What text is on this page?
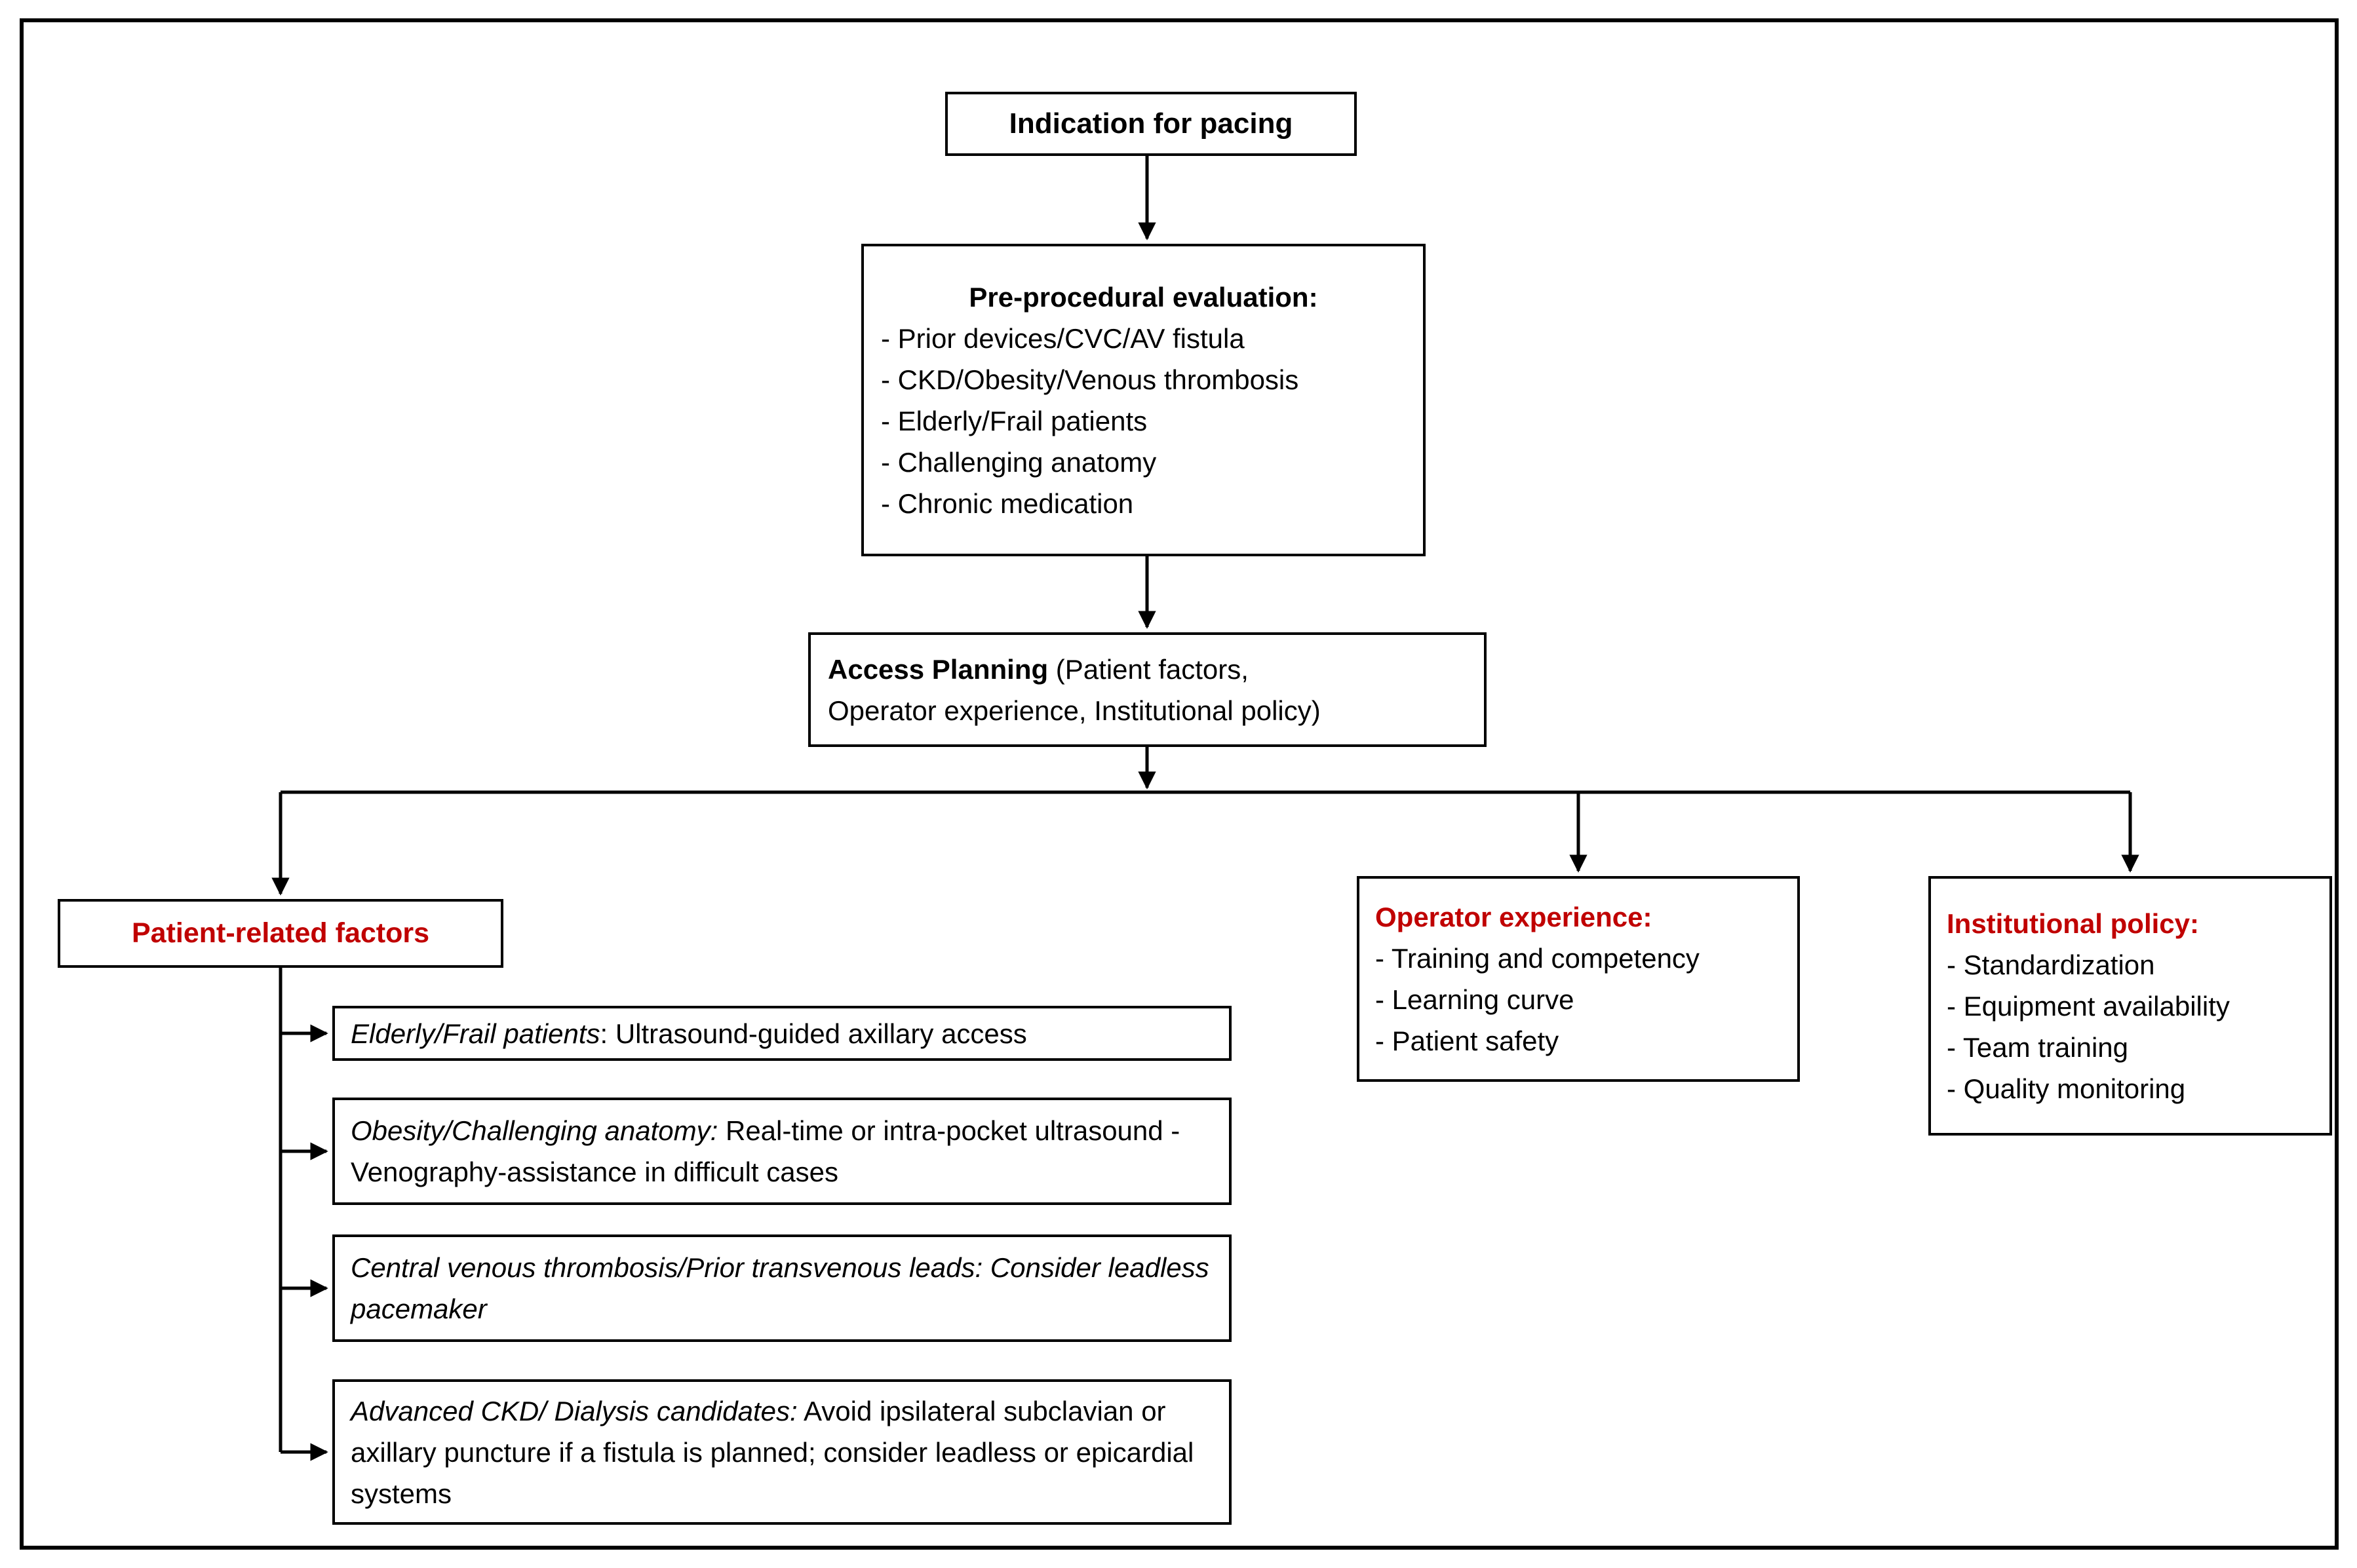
Indication for pacing
Pre-procedural evaluation:
- Prior devices/CVC/AV fistula
- CKD/Obesity/Venous thrombosis
- Elderly/Frail patients
- Challenging anatomy
- Chronic medication
Access Planning (Patient factors,
Operator experience, Institutional policy)
Patient-related factors
Elderly/Frail patients: Ultrasound-guided axillary access
Obesity/Challenging anatomy: Real-time or intra-pocket ultrasound - Venography-assistance in difficult cases
Central venous thrombosis/Prior transvenous leads: Consider leadless pacemaker
Advanced CKD/ Dialysis candidates: Avoid ipsilateral subclavian or axillary puncture if a fistula is planned; consider leadless or epicardial systems
Operator experience:
- Training and competency
- Learning curve
- Patient safety
Institutional policy:
- Standardization
- Equipment availability
- Team training
- Quality monitoring
